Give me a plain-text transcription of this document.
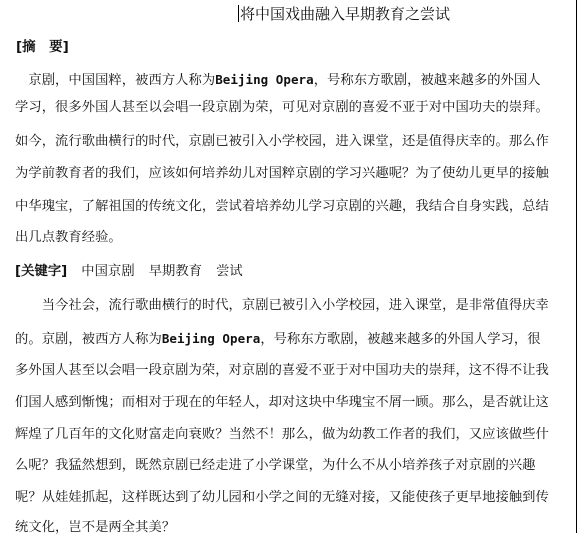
将中国戏曲融入早期教育之尝试
[摘　要]
　京剧，中国国粹，被西方人称为Beijing Opera，号称东方歌剧，被越来越多的外国人
学习，很多外国人甚至以会唱一段京剧为荣，可见对京剧的喜爱不亚于对中国功夫的崇拜。
如今，流行歌曲横行的时代，京剧已被引入小学校园，进入课堂，还是值得庆幸的。那么作
为学前教育者的我们，应该如何培养幼儿对国粹京剧的学习兴趣呢？为了使幼儿更早的接触
中华瑰宝，了解祖国的传统文化，尝试着培养幼儿学习京剧的兴趣，我结合自身实践，总结
出几点教育经验。
[关键字] 中国京剧 早期教育 尝试
　　当今社会，流行歌曲横行的时代，京剧已被引入小学校园，进入课堂，是非常值得庆幸
的。京剧，被西方人称为Beijing Opera，号称东方歌剧，被越来越多的外国人学习，很
多外国人甚至以会唱一段京剧为荣，对京剧的喜爱不亚于对中国功夫的崇拜，这不得不让我
们国人感到惭愧；而相对于现在的年轻人，却对这块中华瑰宝不屑一顾。那么，是否就让这
辉煌了几百年的文化财富走向衰败？当然不！那么，做为幼教工作者的我们，又应该做些什
么呢？我猛然想到，既然京剧已经走进了小学课堂，为什么不从小培养孩子对京剧的兴趣
呢？从娃娃抓起，这样既达到了幼儿园和小学之间的无缝对接，又能使孩子更早地接触到传
统文化，岂不是两全其美？
